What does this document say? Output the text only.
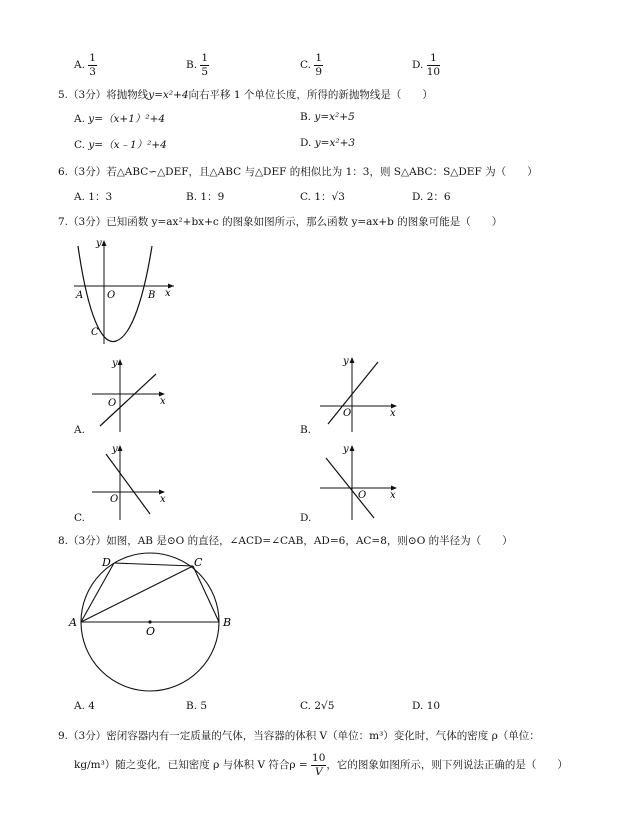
A. $\frac{1}{3}$	B. $\frac{1}{5}$	C. $\frac{1}{9}$	D. $\frac{1}{10}$
5.（3分）将抛物线y=x²+4向右平移 1 个单位长度，所得的新抛物线是（　　）
A. y=（x+1）²+4	B. y=x²+5
C. y=（x﹣1）²+4	D. y=x²+3
6.（3分）若△ABC∽△DEF，且△ABC 与△DEF 的相似比为 1：3，则 S△ABC：S△DEF 为（　　）
A. 1：3	B. 1：9	C. 1：√3	D. 2：6
7.（3分）已知函数 y=ax²+bx+c 的图象如图所示，那么函数 y=ax+b 的图象可能是（　　）
y
x
O
A	B
C
A.
y
x
O
B.
y
x
O
C.
y
x
O
D.
y
x
O
8.（3分）如图，AB 是⊙O 的直径，∠ACD=∠CAB，AD=6，AC=8，则⊙O 的半径为（　　）
A	B
C
D
O
A. 4	B. 5	C. 2√5	D. 10
9.（3分）密闭容器内有一定质量的气体，当容器的体积 V（单位：m³）变化时，气体的密度 ρ（单位：
kg/m³）随之变化．已知密度 ρ 与体积 V 符合$\rho = \frac{10}{V}$ ，它的图象如图所示，则下列说法正确的是（　　）
